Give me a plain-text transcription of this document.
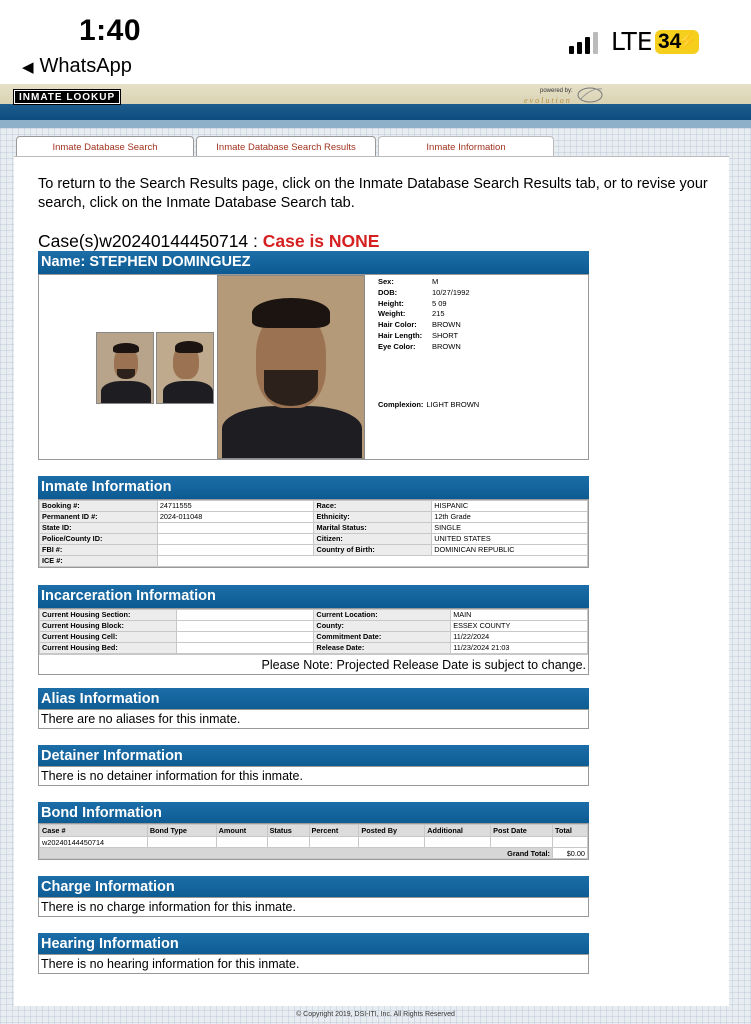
1:40
◀ WhatsApp
LTE 34
⚡
INMATE LOOKUP
powered by:
evolution
Inmate Database Search	Inmate Database Search Results	Inmate Information
To return to the Search Results page, click on the Inmate Database Search Results tab, or to revise your search, click on the Inmate Database Search tab.
Case(s)w20240144450714 : Case is NONE
Name: STEPHEN DOMINGUEZ
Sex:	M
DOB:	10/27/1992
Height:	5 09
Weight:	215
Hair Color:	BROWN
Hair Length:	SHORT
Eye Color:	BROWN
Complexion: LIGHT BROWN
Inmate Information
Booking #:	24711555	Race:	HISPANIC
Permanent ID #:	2024-011048	Ethnicity:	12th Grade
State ID:		Marital Status:	SINGLE
Police/County ID:		Citizen:	UNITED STATES
FBI #:		Country of Birth:	DOMINICAN REPUBLIC
ICE #:			
Incarceration Information
Current Housing Section:		Current Location:	MAIN
Current Housing Block:		County:	ESSEX COUNTY
Current Housing Cell:		Commitment Date:	11/22/2024
Current Housing Bed:		Release Date:	11/23/2024 21:03
Please Note: Projected Release Date is subject to change.
Alias Information
There are no aliases for this inmate.
Detainer Information
There is no detainer information for this inmate.
Bond Information
Case #	Bond Type	Amount	Status	Percent	Posted By	Additional	Post Date	Total
w20240144450714								
Grand Total:								$0.00
Charge Information
There is no charge information for this inmate.
Hearing Information
There is no hearing information for this inmate.
© Copyright 2019, DSI-ITI, Inc. All Rights Reserved
